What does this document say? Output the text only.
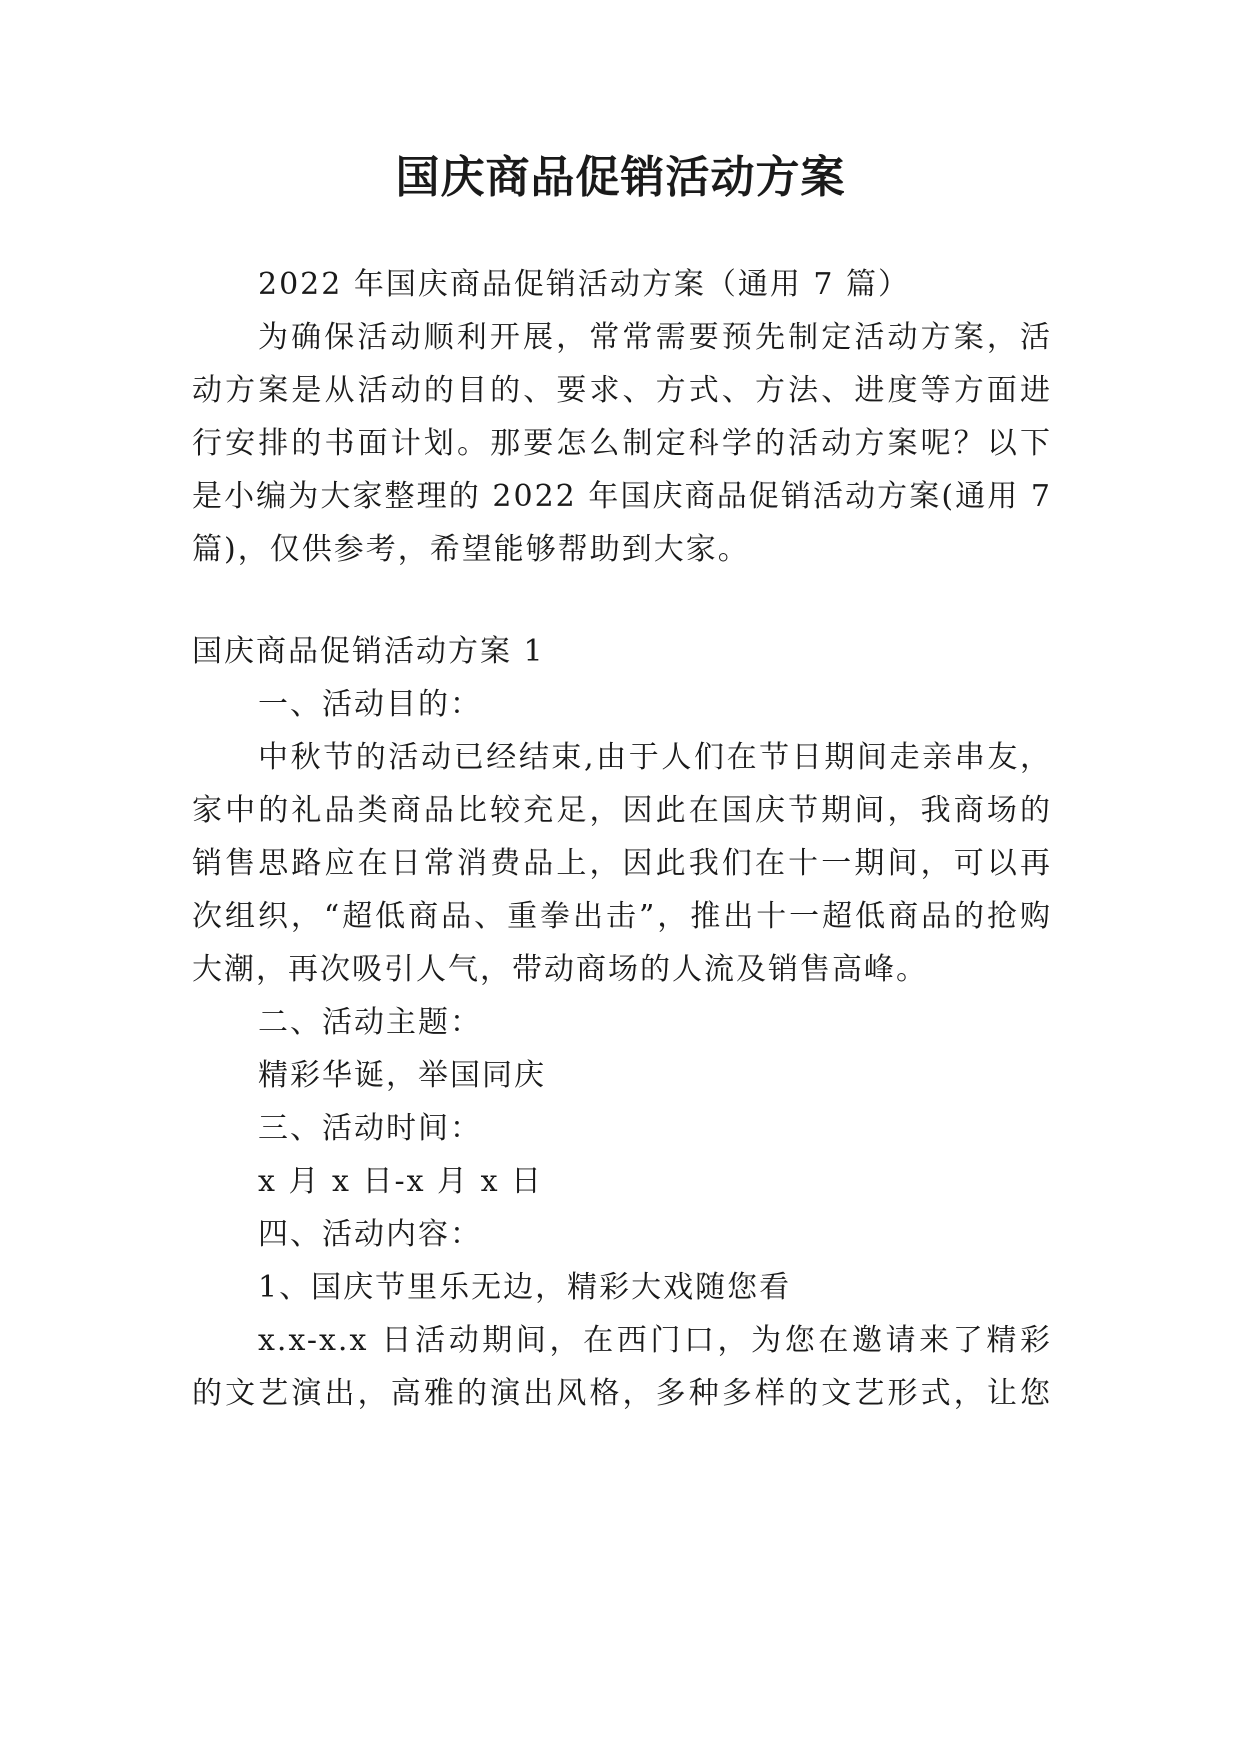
国庆商品促销活动方案
2022 年国庆商品促销活动方案（通用 7 篇）
为确保活动顺利开展，常常需要预先制定活动方案，活
动方案是从活动的目的、要求、方式、方法、进度等方面进
行安排的书面计划。那要怎么制定科学的活动方案呢？以下
是小编为大家整理的 2022 年国庆商品促销活动方案(通用 7
篇)，仅供参考，希望能够帮助到大家。
国庆商品促销活动方案 1
一、活动目的：
中秋节的活动已经结束,由于人们在节日期间走亲串友，
家中的礼品类商品比较充足，因此在国庆节期间，我商场的
销售思路应在日常消费品上，因此我们在十一期间，可以再
次组织，“超低商品、重拳出击”，推出十一超低商品的抢购
大潮，再次吸引人气，带动商场的人流及销售高峰。
二、活动主题：
精彩华诞，举国同庆
三、活动时间：
x 月 x 日-x 月 x 日
四、活动内容：
1、国庆节里乐无边，精彩大戏随您看
x.x-x.x 日活动期间，在西门口，为您在邀请来了精彩
的文艺演出，高雅的演出风格，多种多样的文艺形式，让您
